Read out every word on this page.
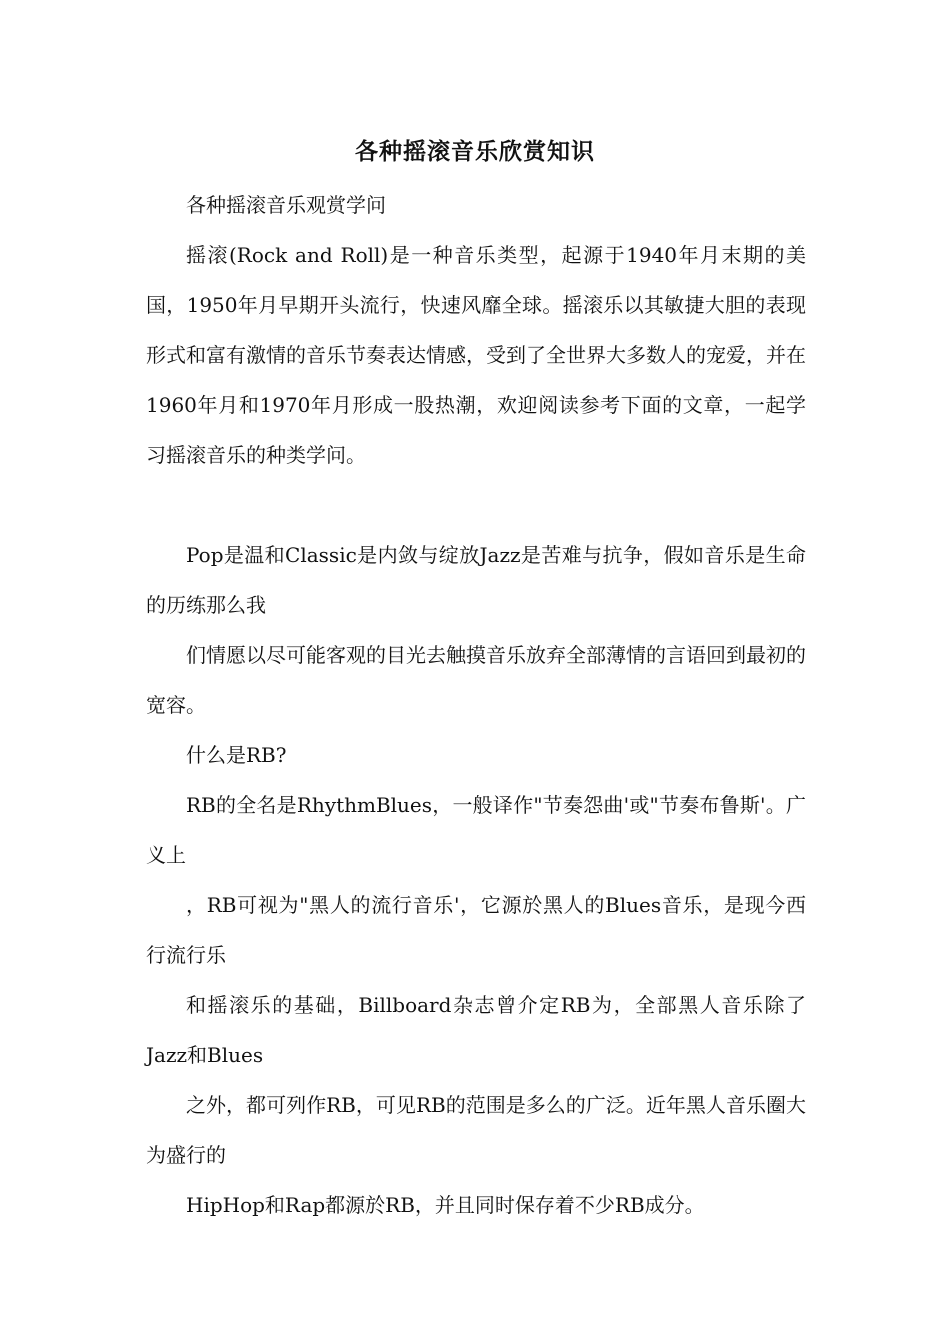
各种摇滚音乐欣赏知识

各种摇滚音乐观赏学问

摇滚(Rock and Roll)是一种音乐类型，起源于1940年月末期的美国，1950年月早期开头流行，快速风靡全球。摇滚乐以其敏捷大胆的表现形式和富有激情的音乐节奏表达情感，受到了全世界大多数人的宠爱，并在1960年月和1970年月形成一股热潮，欢迎阅读参考下面的文章，一起学习摇滚音乐的种类学问。

Pop是温和Classic是内敛与绽放Jazz是苦难与抗争，假如音乐是生命的历练那么我

们情愿以尽可能客观的目光去触摸音乐放弃全部薄情的言语回到最初的宽容。

什么是RB?

RB的全名是RhythmBlues，一般译作"节奏怨曲'或"节奏布鲁斯'。广义上

，RB可视为"黑人的流行音乐'，它源於黑人的Blues音乐，是现今西行流行乐

和摇滚乐的基础，Billboard杂志曾介定RB为，全部黑人音乐除了Jazz和Blues

之外，都可列作RB，可见RB的范围是多么的广泛。近年黑人音乐圈大为盛行的

HipHop和Rap都源於RB，并且同时保存着不少RB成分。
